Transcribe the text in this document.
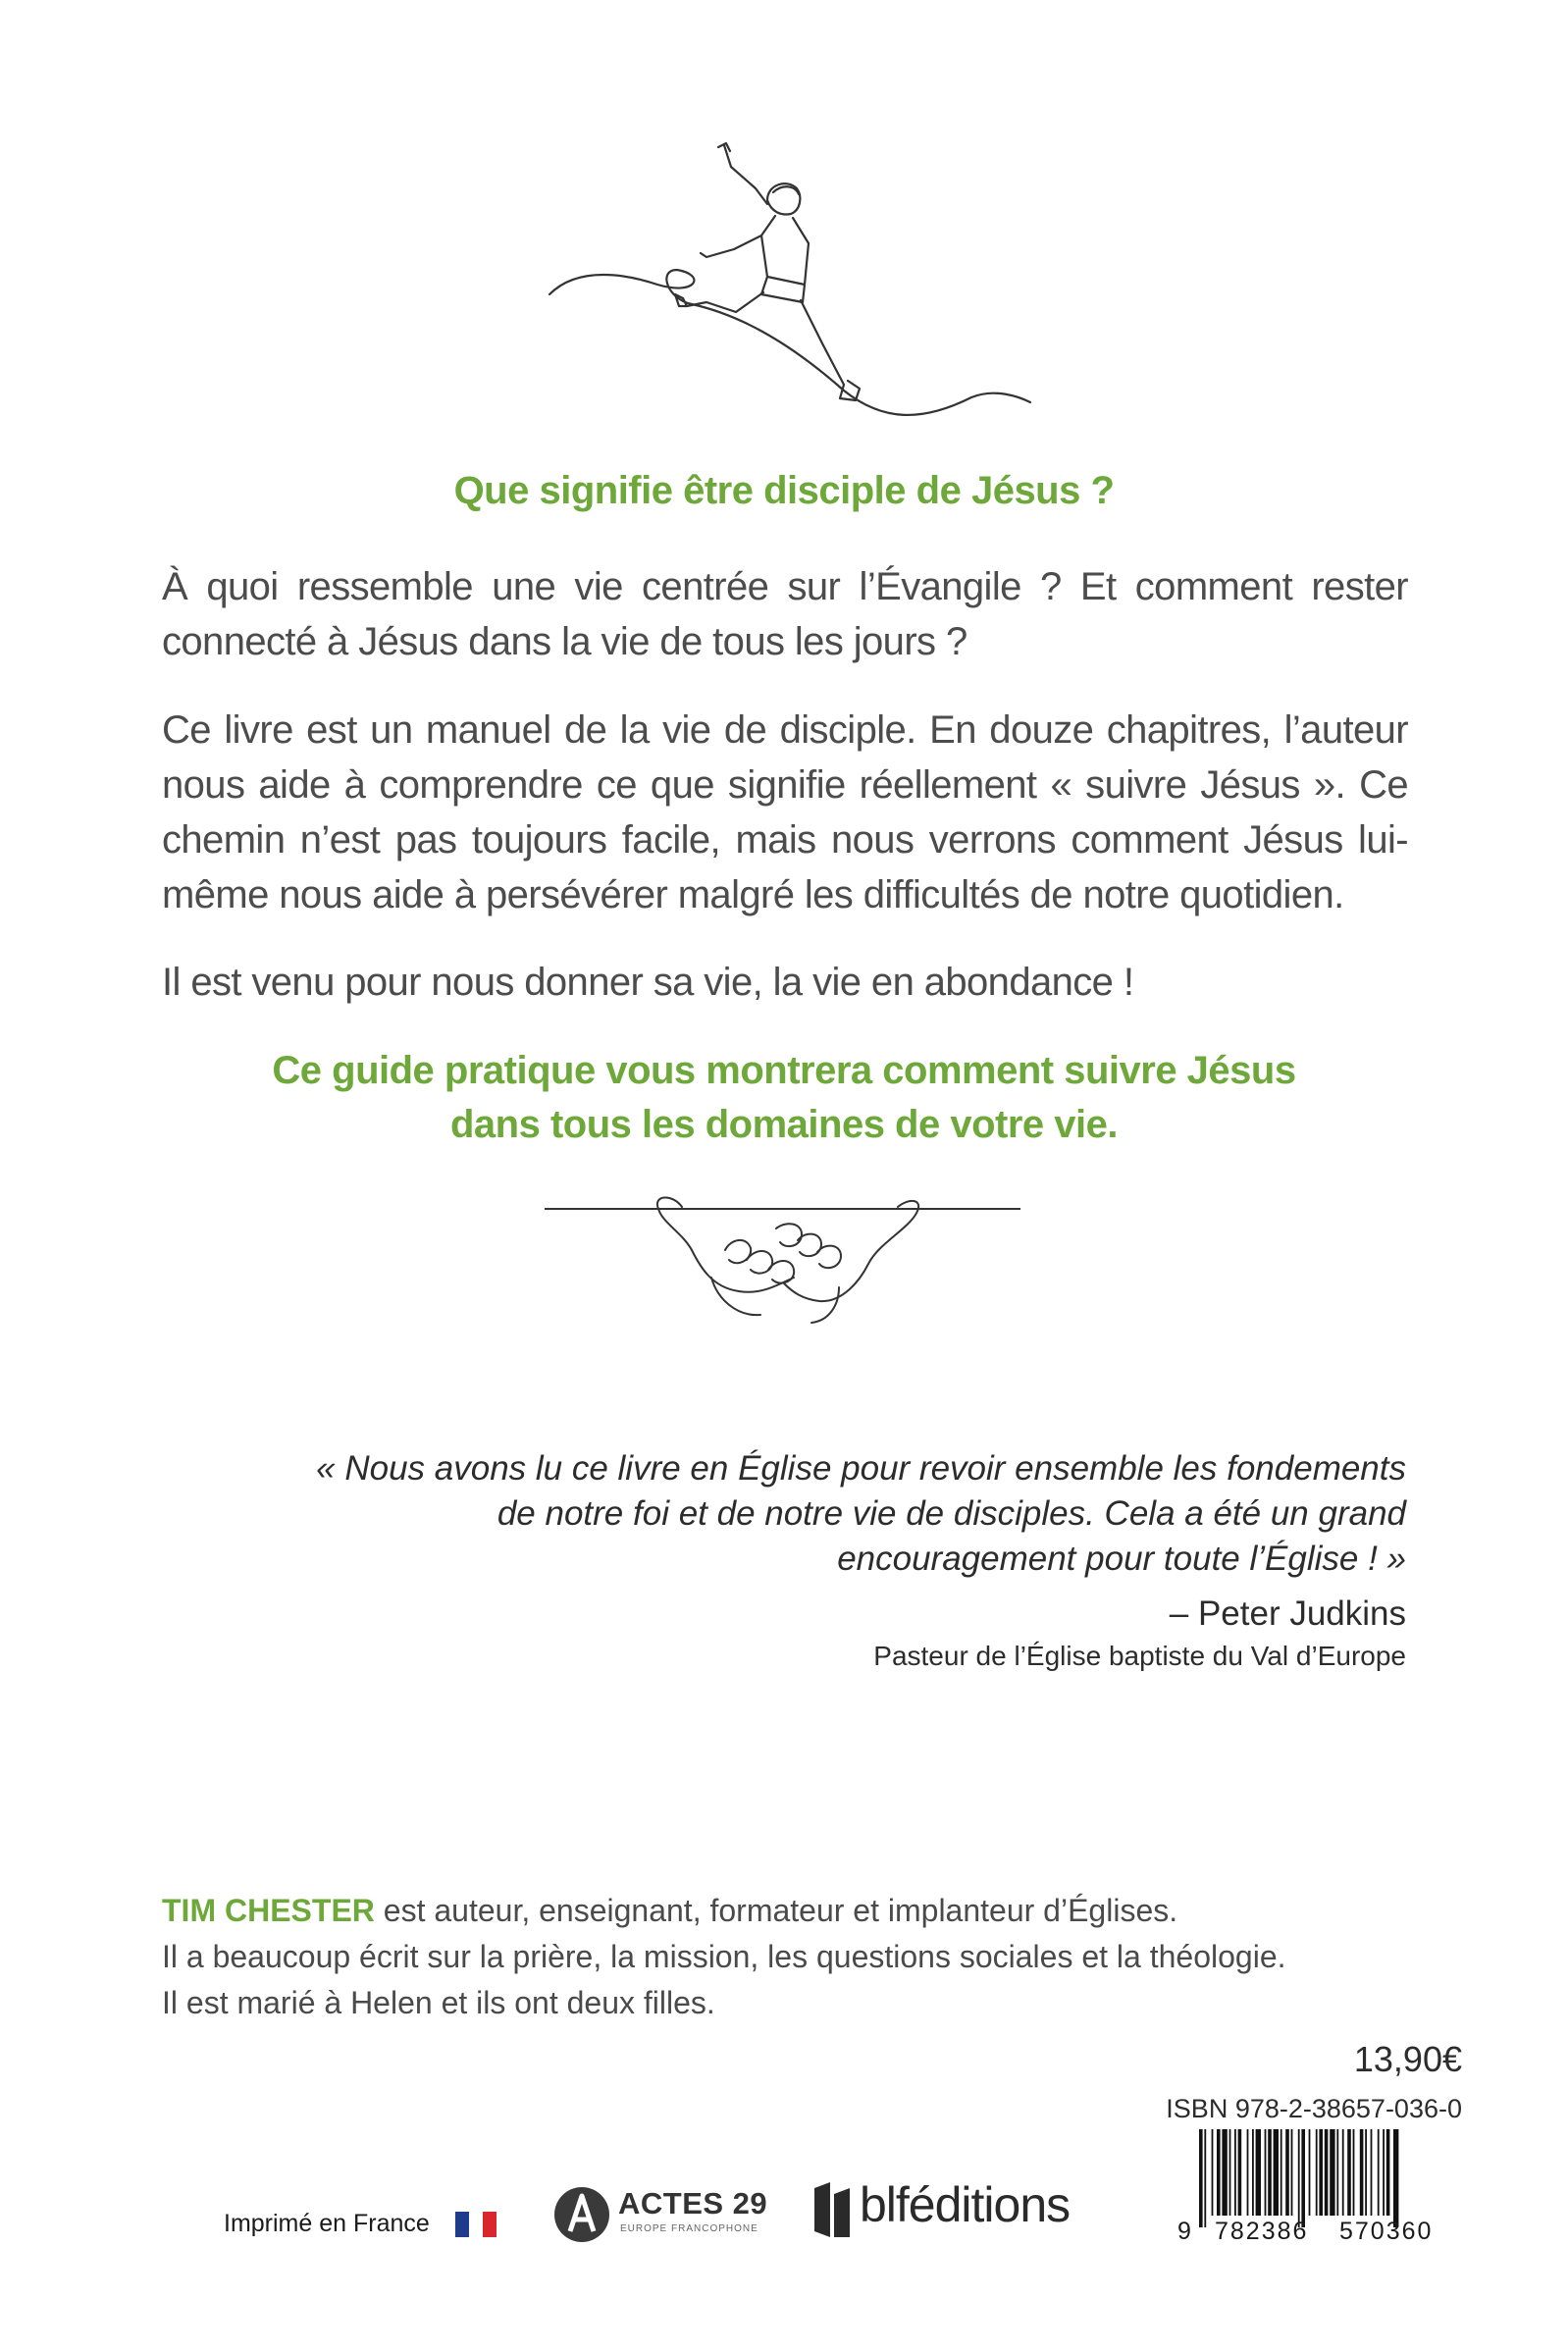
Que signifie être disciple de Jésus ?
À quoi ressemble une vie centrée sur l’Évangile ? Et comment rester connecté à Jésus dans la vie de tous les jours ?
Ce livre est un manuel de la vie de disciple. En douze chapitres, l’auteur nous aide à comprendre ce que signifie réellement « suivre Jésus ». Ce chemin n’est pas toujours facile, mais nous verrons comment Jésus lui-même nous aide à persévérer malgré les difficultés de notre quotidien.
Il est venu pour nous donner sa vie, la vie en abondance !
Ce guide pratique vous montrera comment suivre Jésus
dans tous les domaines de votre vie.

« Nous avons lu ce livre en Église pour revoir ensemble les fondements
de notre foi et de notre vie de disciples. Cela a été un grand
encouragement pour toute l’Église ! »

– Peter Judkins
Pasteur de l’Église baptiste du Val d’Europe
TIM CHESTER est auteur, enseignant, formateur et implanteur d’Églises.
Il a beaucoup écrit sur la prière, la mission, les questions sociales et la théologie.
Il est marié à Helen et ils ont deux filles.
13,90€
ISBN 978-2-38657-036-0
9 782386 570360
Imprimé en France
ACTES 29
EUROPE FRANCOPHONE blféditions
